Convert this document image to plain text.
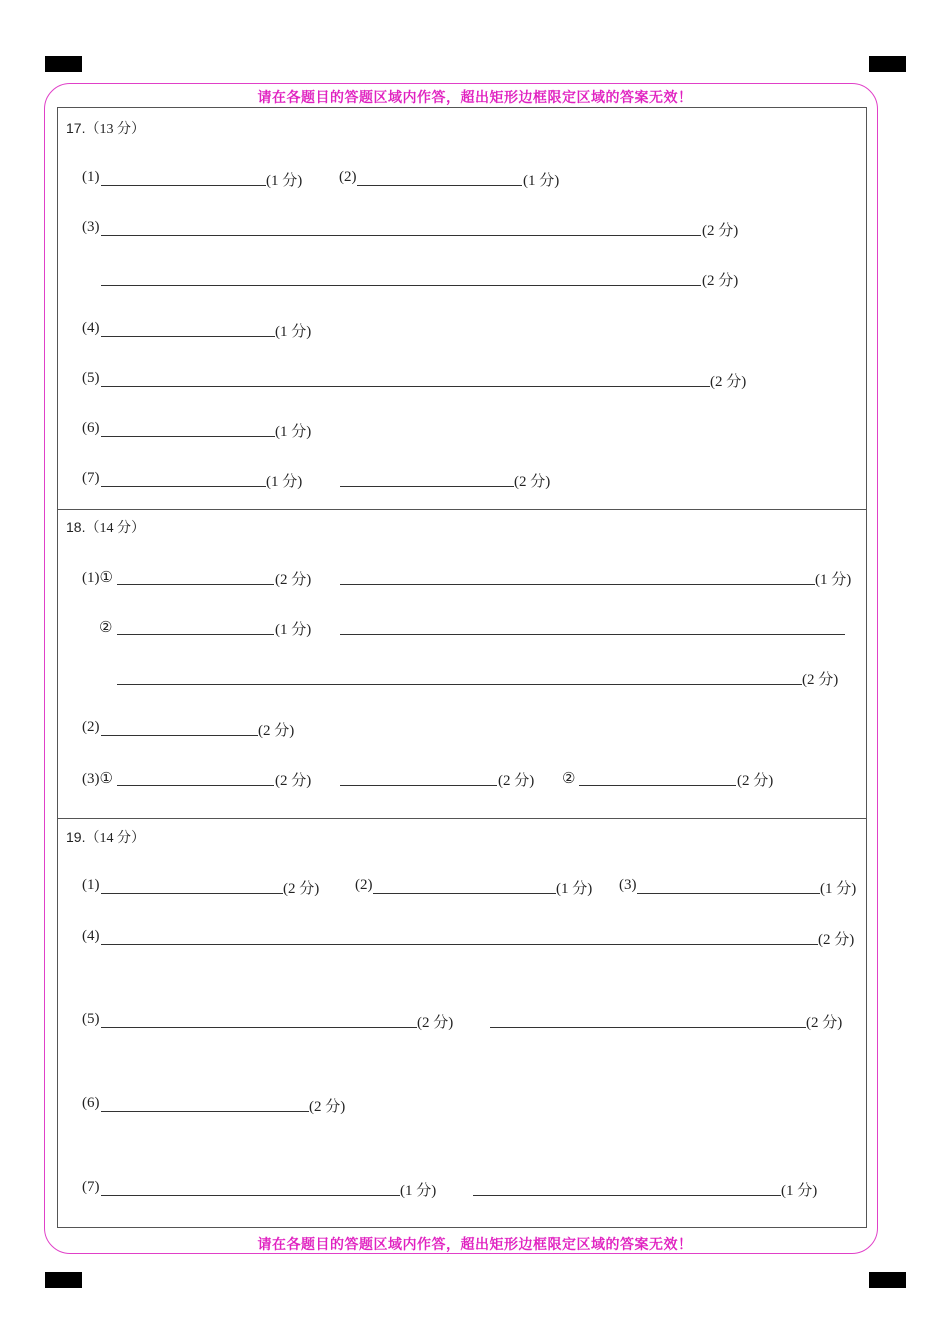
请在各题目的答题区域内作答，超出矩形边框限定区域的答案无效！
请在各题目的答题区域内作答，超出矩形边框限定区域的答案无效！
17.（13 分）
(1)	(1 分) (2)	(1 分)
(3)	(2 分)
(2 分)
(4)	(1 分)
(5)	(2 分)
(6)	(1 分)
(7)	(1 分)	(2 分)
18.（14 分）
(1)①	(2 分)	(1 分)
②	(1 分)
(2 分)
(2)	(2 分)
(3)①	(2 分)	(2 分) ②	(2 分)
19.（14 分）
(1)	(2 分) (2)	(1 分) (3)	(1 分)
(4)	(2 分)
(5)	(2 分)	(2 分)
(6)	(2 分)
(7)	(1 分)	(1 分)
